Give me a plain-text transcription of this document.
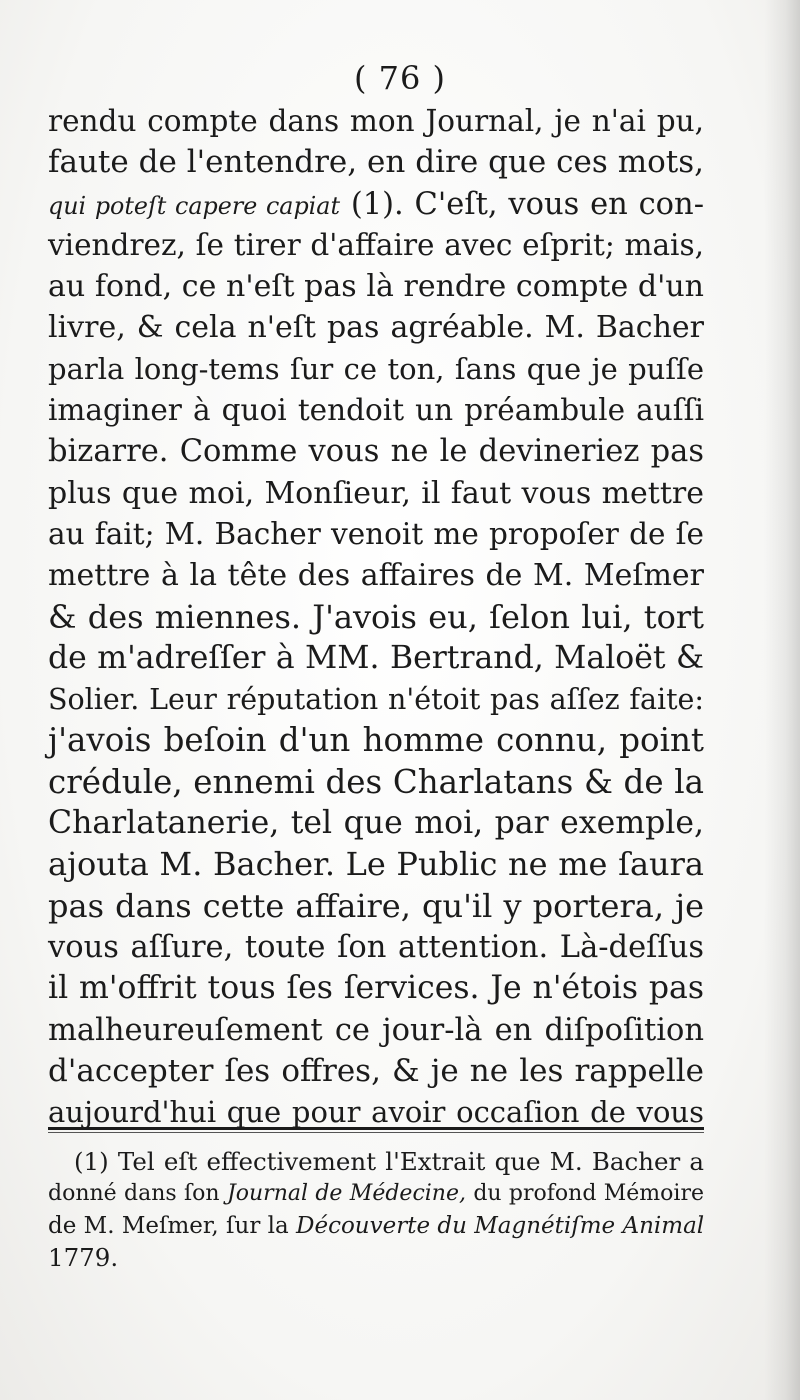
( 76 )
rendu compte dans mon Journal, je n'ai pu,
faute de l'entendre, en dire que ces mots,
qui poteſt capere capiat (1). C'eſt, vous en con-
viendrez, ſe tirer d'affaire avec eſprit; mais,
au fond, ce n'eſt pas là rendre compte d'un
livre, & cela n'eſt pas agréable. M. Bacher
parla long-tems ſur ce ton, ſans que je puſſe
imaginer à quoi tendoit un préambule auſſi
bizarre. Comme vous ne le devineriez pas
plus que moi, Monſieur, il faut vous mettre
au fait; M. Bacher venoit me propoſer de ſe
mettre à la tête des affaires de M. Meſmer
& des miennes. J'avois eu, ſelon lui, tort
de m'adreſſer à MM. Bertrand, Maloët &
Solier. Leur réputation n'étoit pas aſſez faite:
j'avois beſoin d'un homme connu, point
crédule, ennemi des Charlatans & de la
Charlatanerie, tel que moi, par exemple,
ajouta M. Bacher. Le Public ne me ſaura
pas dans cette affaire, qu'il y portera, je
vous aſſure, toute ſon attention. Là-deſſus
il m'offrit tous ſes ſervices. Je n'étois pas
malheureuſement ce jour-là en diſpoſition
d'accepter ſes offres, & je ne les rappelle
aujourd'hui que pour avoir occaſion de vous
(1) Tel eſt effectivement l'Extrait que M. Bacher a
donné dans ſon Journal de Médecine, du profond Mémoire
de M. Meſmer, ſur la Découverte du Magnétiſme Animal
1779.
